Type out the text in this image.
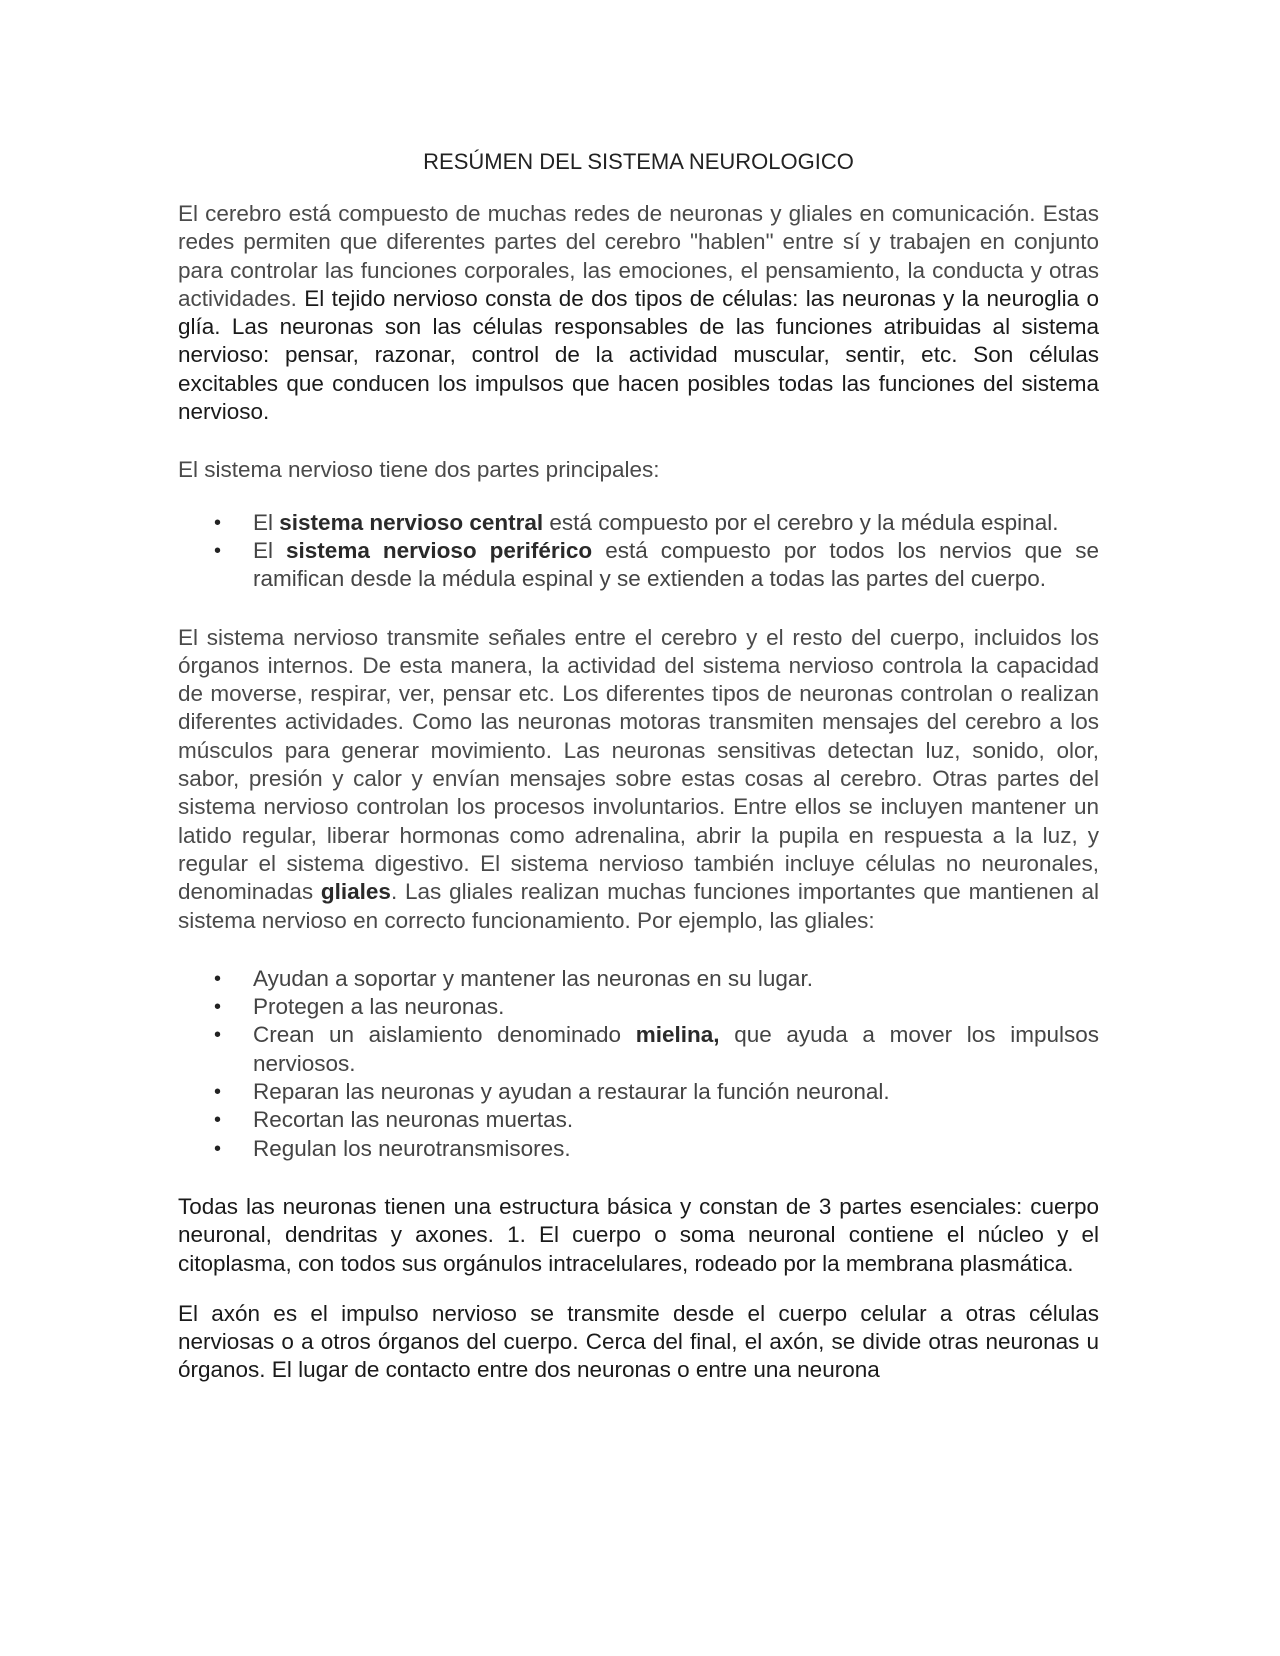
RESÚMEN DEL SISTEMA NEUROLOGICO

El cerebro está compuesto de muchas redes de neuronas y gliales en comunicación. Estas redes permiten que diferentes partes del cerebro "hablen" entre sí y trabajen en conjunto para controlar las funciones corporales, las emociones, el pensamiento, la conducta y otras actividades. El tejido nervioso consta de dos tipos de células: las neuronas y la neuroglia o glía. Las neuronas son las células responsables de las funciones atribuidas al sistema nervioso: pensar, razonar, control de la actividad muscular, sentir, etc. Son células excitables que conducen los impulsos que hacen posibles todas las funciones del sistema nervioso.

El sistema nervioso tiene dos partes principales:

• El sistema nervioso central está compuesto por el cerebro y la médula espinal.
• El sistema nervioso periférico está compuesto por todos los nervios que se ramifican desde la médula espinal y se extienden a todas las partes del cuerpo.

El sistema nervioso transmite señales entre el cerebro y el resto del cuerpo, incluidos los órganos internos. De esta manera, la actividad del sistema nervioso controla la capacidad de moverse, respirar, ver, pensar etc. Los diferentes tipos de neuronas controlan o realizan diferentes actividades. Como las neuronas motoras transmiten mensajes del cerebro a los músculos para generar movimiento. Las neuronas sensitivas detectan luz, sonido, olor, sabor, presión y calor y envían mensajes sobre estas cosas al cerebro. Otras partes del sistema nervioso controlan los procesos involuntarios. Entre ellos se incluyen mantener un latido regular, liberar hormonas como adrenalina, abrir la pupila en respuesta a la luz, y regular el sistema digestivo. El sistema nervioso también incluye células no neuronales, denominadas gliales. Las gliales realizan muchas funciones importantes que mantienen al sistema nervioso en correcto funcionamiento. Por ejemplo, las gliales:

• Ayudan a soportar y mantener las neuronas en su lugar.
• Protegen a las neuronas.
• Crean un aislamiento denominado mielina, que ayuda a mover los impulsos nerviosos.
• Reparan las neuronas y ayudan a restaurar la función neuronal.
• Recortan las neuronas muertas.
• Regulan los neurotransmisores.

Todas las neuronas tienen una estructura básica y constan de 3 partes esenciales: cuerpo neuronal, dendritas y axones. 1. El cuerpo o soma neuronal contiene el núcleo y el citoplasma, con todos sus orgánulos intracelulares, rodeado por la membrana plasmática.

El axón es el impulso nervioso se transmite desde el cuerpo celular a otras células nerviosas o a otros órganos del cuerpo. Cerca del final, el axón, se divide otras neuronas u órganos. El lugar de contacto entre dos neuronas o entre una neurona
